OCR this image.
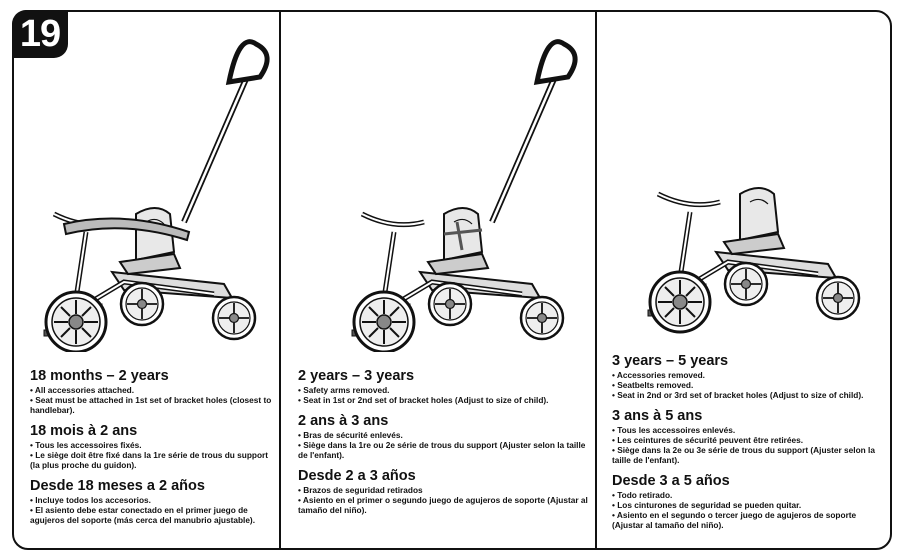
19
18 months – 2 years
• All accessories attached.
• Seat must be attached in 1st set of bracket holes (closest to handlebar).
18 mois à 2 ans
• Tous les accessoires fixés.
• Le siège doit être fixé dans la 1re série de trous du support (la plus proche du guidon).
Desde 18 meses a 2 años
• Incluye todos los accesorios.
• El asiento debe estar conectado en el primer juego de agujeros del soporte (más cerca del manubrio ajustable).
2 years – 3 years
• Safety arms removed.
• Seat in 1st or 2nd set of bracket holes (Adjust to size of child).
2 ans à 3 ans
• Bras de sécurité enlevés.
• Siège dans la 1re ou 2e série de trous du support (Ajuster selon la taille de l'enfant).
Desde 2 a 3 años
• Brazos de seguridad retirados
• Asiento en el primer o segundo juego de agujeros de soporte (Ajustar al tamaño del niño).
3 years – 5 years
• Accessories removed.
• Seatbelts removed.
• Seat in 2nd or 3rd set of bracket holes (Adjust to size of child).
3 ans à 5 ans
• Tous les accessoires enlevés.
• Les ceintures de sécurité peuvent être retirées.
• Siège dans la 2e ou 3e série de trous du support (Ajuster selon la taille de l'enfant).
Desde 3 a 5 años
• Todo retirado.
• Los cinturones de seguridad se pueden quitar.
• Asiento en el segundo o tercer juego de agujeros de soporte (Ajustar al tamaño del niño).
